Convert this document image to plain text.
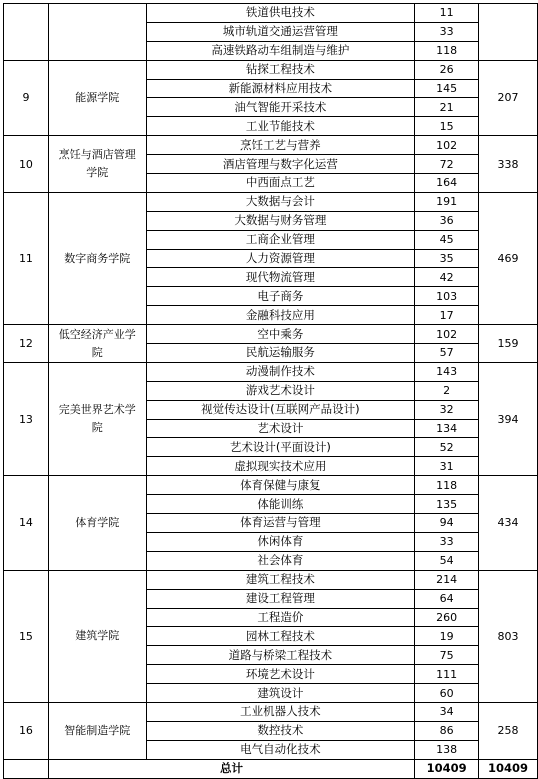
		铁道供电技术	11	
		城市轨道交通运营管理	33	
		高速铁路动车组制造与维护	118	
9	能源学院	钻探工程技术	26	207
		新能源材料应用技术	145	
		油气智能开采技术	21	
		工业节能技术	15	
10	烹饪与酒店管理学院	烹饪工艺与营养	102	338
		酒店管理与数字化运营	72	
		中西面点工艺	164	
11	数字商务学院	大数据与会计	191	469
		大数据与财务管理	36	
		工商企业管理	45	
		人力资源管理	35	
		现代物流管理	42	
		电子商务	103	
		金融科技应用	17	
12	低空经济产业学院	空中乘务	102	159
		民航运输服务	57	
13	完美世界艺术学院	动漫制作技术	143	394
		游戏艺术设计	2	
		视觉传达设计(互联网产品设计)	32	
		艺术设计	134	
		艺术设计(平面设计)	52	
		虚拟现实技术应用	31	
14	体育学院	体育保健与康复	118	434
		体能训练	135	
		体育运营与管理	94	
		休闲体育	33	
		社会体育	54	
15	建筑学院	建筑工程技术	214	803
		建设工程管理	64	
		工程造价	260	
		园林工程技术	19	
		道路与桥梁工程技术	75	
		环境艺术设计	111	
		建筑设计	60	
16	智能制造学院	工业机器人技术	34	258
		数控技术	86	
		电气自动化技术	138	
	总计		10409	10409
